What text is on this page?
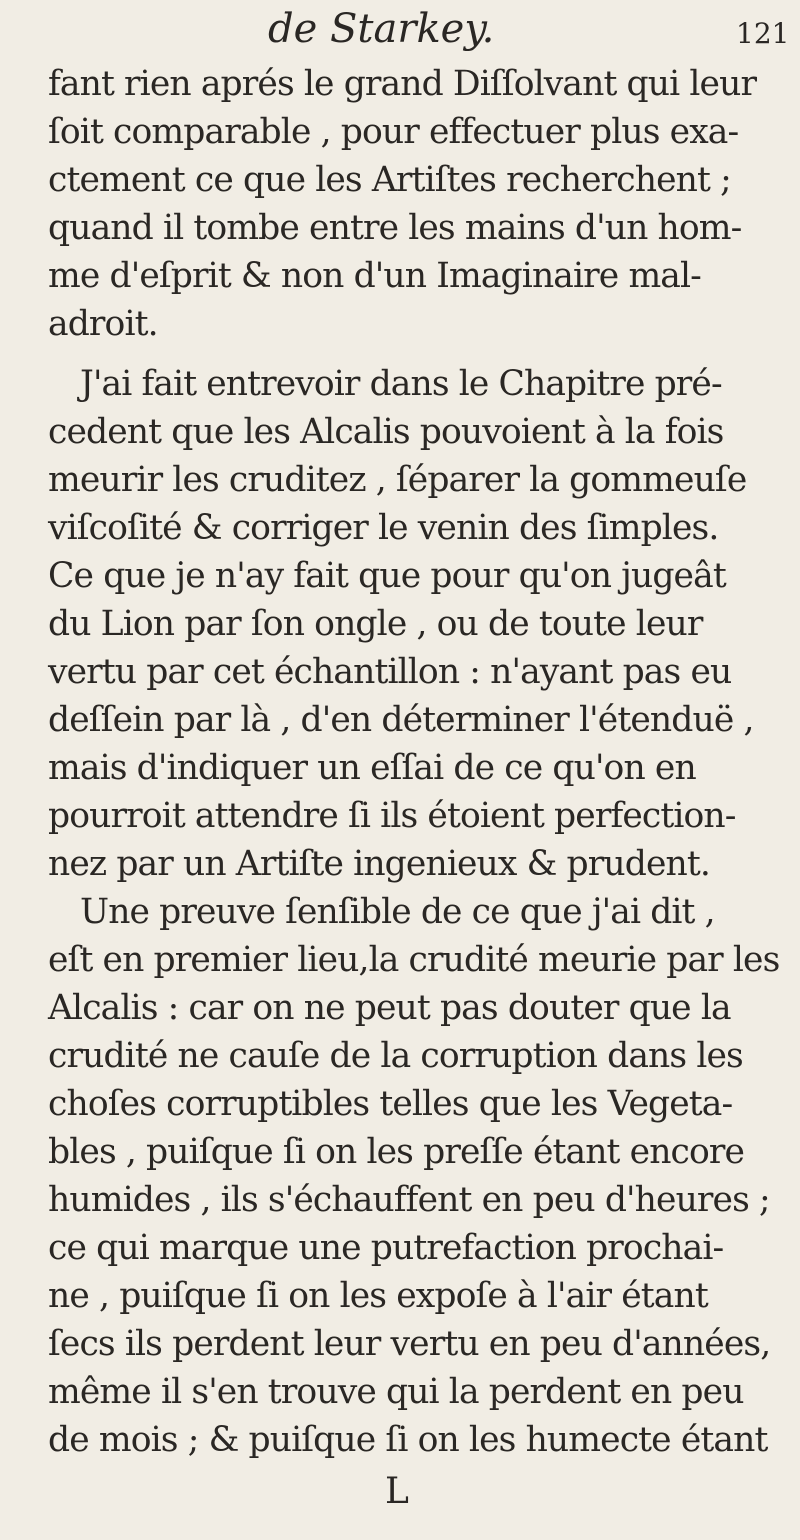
de Starkey.	121
fant rien aprés le grand Diſſolvant qui leur
ſoit comparable , pour effectuer plus exa-
ctement ce que les Artiſtes recherchent ;
quand il tombe entre les mains d'un hom-
me d'eſprit & non d'un Imaginaire mal-
adroit.
J'ai fait entrevoir dans le Chapitre pré-
cedent que les Alcalis pouvoient à la fois
meurir les cruditez , ſéparer la gommeuſe
viſcoſité & corriger le venin des ſimples.
Ce que je n'ay fait que pour qu'on jugeât
du Lion par ſon ongle , ou de toute leur
vertu par cet échantillon : n'ayant pas eu
deſſein par là , d'en déterminer l'étenduë ,
mais d'indiquer un eſſai de ce qu'on en
pourroit attendre ſi ils étoient perfection-
nez par un Artiſte ingenieux & prudent.
Une preuve ſenſible de ce que j'ai dit ,
eſt en premier lieu,la crudité meurie par les
Alcalis : car on ne peut pas douter que la
crudité ne cauſe de la corruption dans les
choſes corruptibles telles que les Vegeta-
bles , puiſque ſi on les preſſe étant encore
humides , ils s'échauffent en peu d'heures ;
ce qui marque une putrefaction prochai-
ne , puiſque ſi on les expoſe à l'air étant
ſecs ils perdent leur vertu en peu d'années,
même il s'en trouve qui la perdent en peu
de mois ; & puiſque ſi on les humecte étant
L
